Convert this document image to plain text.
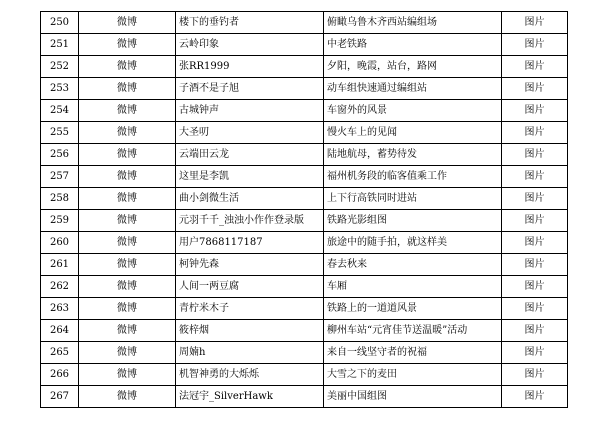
250	微博	楼下的垂钓者	俯瞰乌鲁木齐西站编组场	图片
251	微博	云岭印象	中老铁路	图片
252	微博	张RR1999	夕阳，晚霞，站台，路网	图片
253	微博	子酒不是子旭	动车组快速通过编组站	图片
254	微博	古城钟声	车窗外的风景	图片
255	微博	大圣叨	慢火车上的见闻	图片
256	微博	云端田云龙	陆地航母，蓄势待发	图片
257	微博	这里是李凯	福州机务段的临客值乘工作	图片
258	微博	曲小剑微生活	上下行高铁同时进站	图片
259	微博	元羽千千_浊浊小作作登录版	铁路光影组图	图片
260	微博	用户7868117187	旅途中的随手拍，就这样美	图片
261	微博	柯钟先森	春去秋来	图片
262	微博	人间一两豆腐	车厢	图片
263	微博	青柠米木子	铁路上的一道道风景	图片
264	微博	筱梓烟	柳州车站“元宵佳节送温暖”活动	图片
265	微博	周婻h	来自一线坚守者的祝福	图片
266	微博	机智神勇的大烁烁	大雪之下的麦田	图片
267	微博	法冠宇_SilverHawk	美丽中国组图	图片
